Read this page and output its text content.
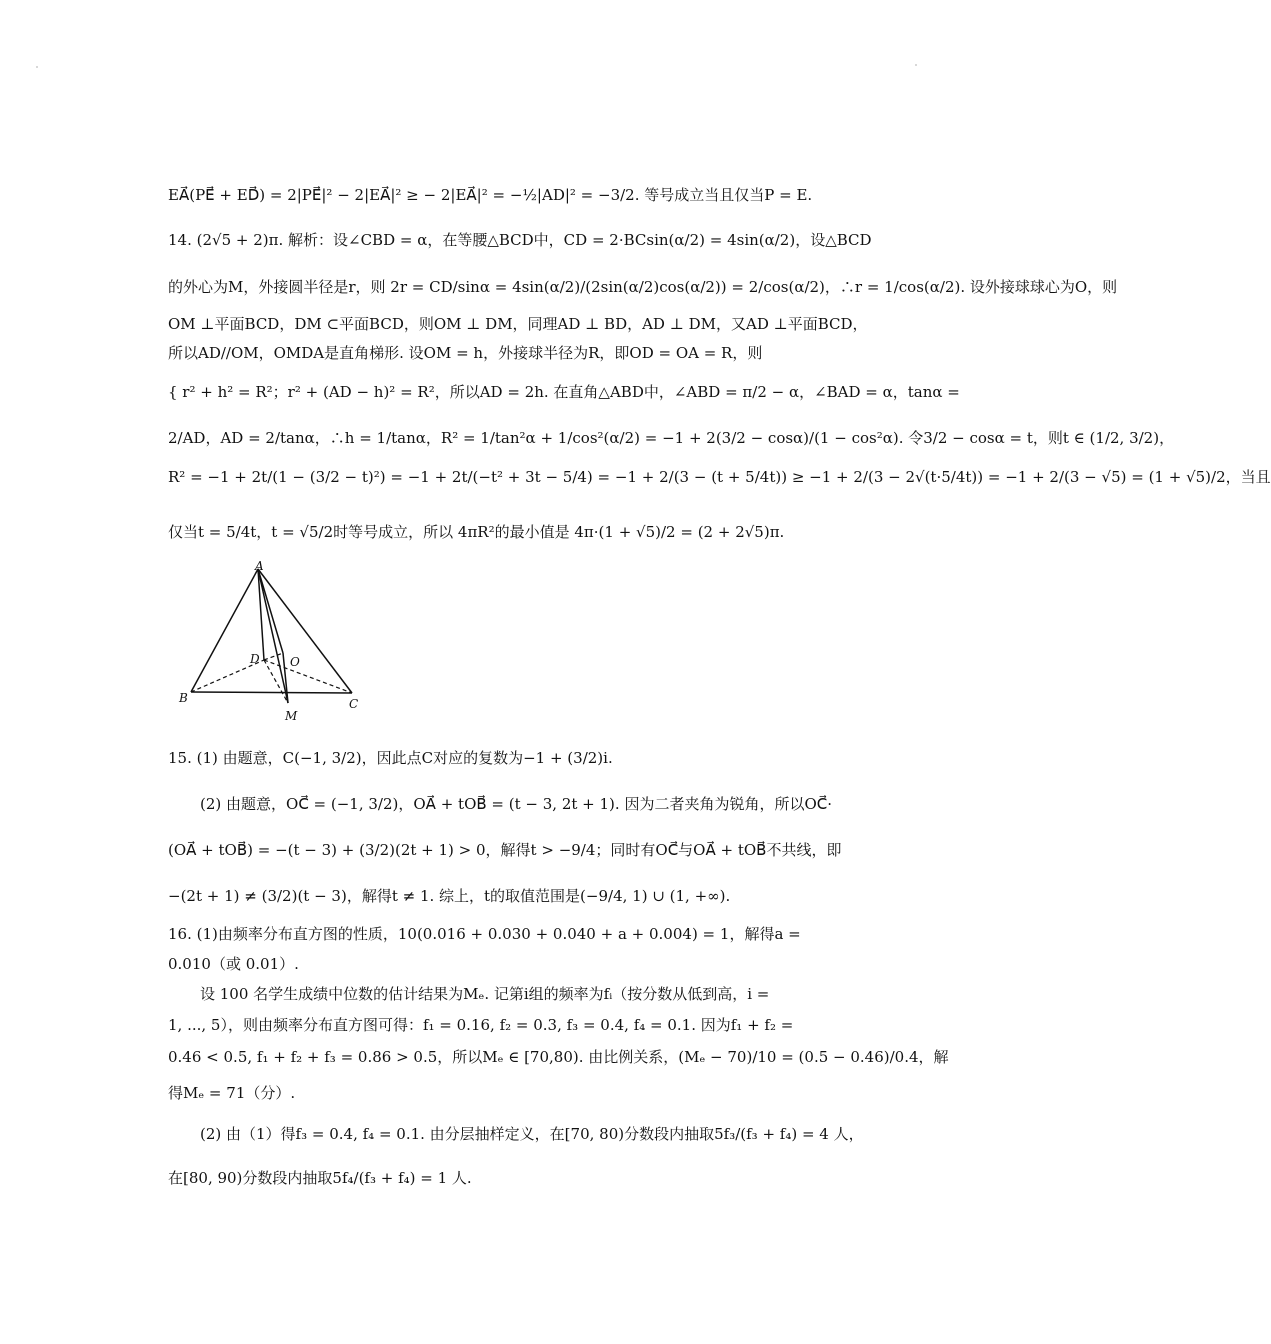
EA⃗(PE⃗ + ED⃗) = 2|PE⃗|² − 2|EA⃗|² ≥ − 2|EA⃗|² = −½|AD|² = −3/2. 等号成立当且仅当P = E.
14. (2√5 + 2)π. 解析：设∠CBD = α，在等腰△BCD中，CD = 2·BCsin(α/2) = 4sin(α/2)，设△BCD
的外心为M，外接圆半径是r，则 2r = CD/sinα = 4sin(α/2)/(2sin(α/2)cos(α/2)) = 2/cos(α/2)，∴r = 1/cos(α/2). 设外接球球心为O，则
OM ⊥平面BCD，DM ⊂平面BCD，则OM ⊥ DM，同理AD ⊥ BD，AD ⊥ DM，又AD ⊥平面BCD，
所以AD//OM，OMDA是直角梯形. 设OM = h，外接球半径为R，即OD = OA = R，则
{ r² + h² = R²；r² + (AD − h)² = R²，所以AD = 2h. 在直角△ABD中，∠ABD = π/2 − α，∠BAD = α，tanα =
2/AD，AD = 2/tanα，∴h = 1/tanα，R² = 1/tan²α + 1/cos²(α/2) = −1 + 2(3/2 − cosα)/(1 − cos²α). 令3/2 − cosα = t，则t ∈ (1/2, 3/2)，
R² = −1 + 2t/(1 − (3/2 − t)²) = −1 + 2t/(−t² + 3t − 5/4) = −1 + 2/(3 − (t + 5/4t)) ≥ −1 + 2/(3 − 2√(t·5/4t)) = −1 + 2/(3 − √5) = (1 + √5)/2，当且
仅当t = 5/4t，t = √5/2时等号成立，所以 4πR²的最小值是 4π·(1 + √5)/2 = (2 + 2√5)π.
A
B	C
D	O
M
15. (1) 由题意，C(−1, 3/2)，因此点C对应的复数为−1 + (3/2)i.
(2) 由题意，OC⃗ = (−1, 3/2)，OA⃗ + tOB⃗ = (t − 3, 2t + 1). 因为二者夹角为锐角，所以OC⃗·
(OA⃗ + tOB⃗) = −(t − 3) + (3/2)(2t + 1) > 0，解得t > −9/4；同时有OC⃗与OA⃗ + tOB⃗不共线，即
−(2t + 1) ≠ (3/2)(t − 3)，解得t ≠ 1. 综上，t的取值范围是(−9/4, 1) ∪ (1, +∞).
16. (1)由频率分布直方图的性质，10(0.016 + 0.030 + 0.040 + a + 0.004) = 1，解得a =
0.010（或 0.01）.
设 100 名学生成绩中位数的估计结果为Mₑ. 记第i组的频率为fᵢ（按分数从低到高，i =
1, ..., 5），则由频率分布直方图可得：f₁ = 0.16, f₂ = 0.3, f₃ = 0.4, f₄ = 0.1. 因为f₁ + f₂ =
0.46 < 0.5, f₁ + f₂ + f₃ = 0.86 > 0.5，所以Mₑ ∈ [70,80). 由比例关系，(Mₑ − 70)/10 = (0.5 − 0.46)/0.4，解
得Mₑ = 71（分）.
(2) 由（1）得f₃ = 0.4, f₄ = 0.1. 由分层抽样定义，在[70, 80)分数段内抽取5f₃/(f₃ + f₄) = 4 人，
在[80, 90)分数段内抽取5f₄/(f₃ + f₄) = 1 人.
